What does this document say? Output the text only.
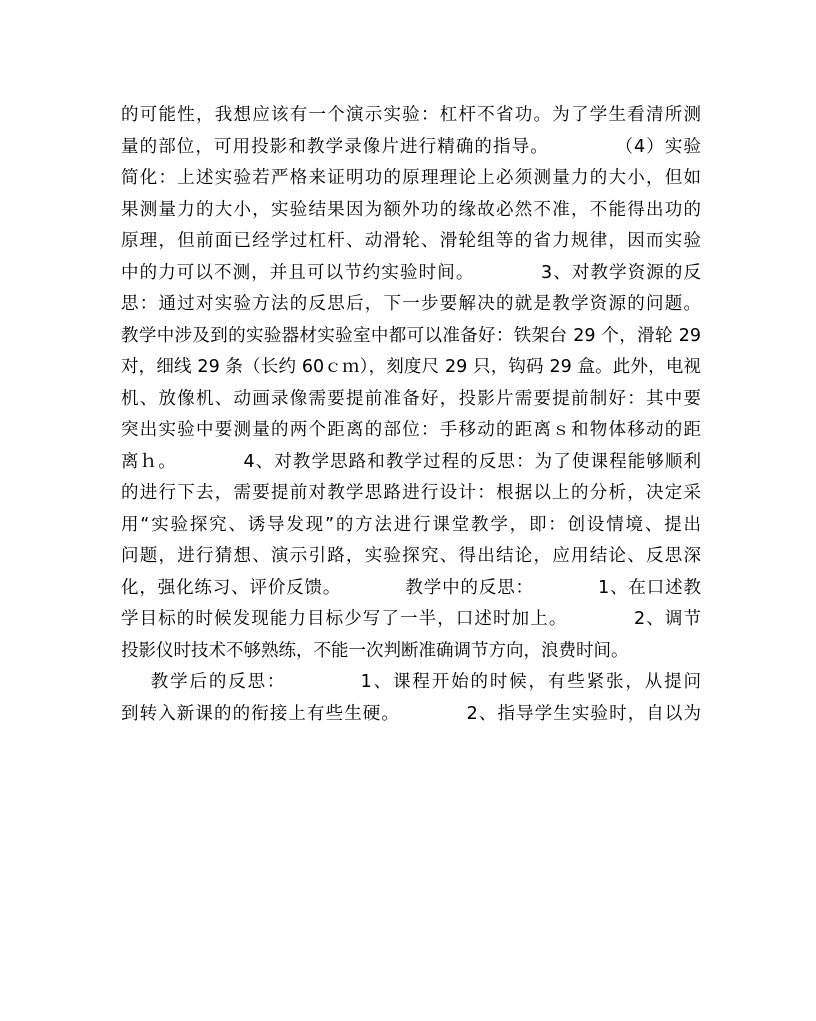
的可能性，我想应该有一个演示实验：杠杆不省功。为了学生看清所测
量的部位，可用投影和教学录像片进行精确的指导。          （4）实验
简化：上述实验若严格来证明功的原理理论上必须测量力的大小，但如
果测量力的大小，实验结果因为额外功的缘故必然不准，不能得出功的
原理，但前面已经学过杠杆、动滑轮、滑轮组等的省力规律，因而实验
中的力可以不测，并且可以节约实验时间。          3、对教学资源的反
思：通过对实验方法的反思后，下一步要解决的就是教学资源的问题。
教学中涉及到的实验器材实验室中都可以准备好：铁架台 29 个，滑轮 29
对，细线 29 条（长约 60ｃｍ），刻度尺 29 只，钩码 29 盒。此外，电视
机、放像机、动画录像需要提前准备好，投影片需要提前制好：其中要
突出实验中要测量的两个距离的部位：手移动的距离ｓ和物体移动的距
离ｈ。          4、对教学思路和教学过程的反思：为了使课程能够顺利
的进行下去，需要提前对教学思路进行设计：根据以上的分析，决定采
用“实验探究、诱导发现”的方法进行课堂教学，即：创设情境、提出
问题，进行猜想、演示引路，实验探究、得出结论，应用结论、反思深
化，强化练习、评价反馈。          教学中的反思：          1、在口述教
学目标的时候发现能力目标少写了一半，口述时加上。          2、调节
投影仪时技术不够熟练，不能一次判断准确调节方向，浪费时间。
教学后的反思：          1、课程开始的时候，有些紧张，从提问
到转入新课的的衔接上有些生硬。          2、指导学生实验时，自以为
